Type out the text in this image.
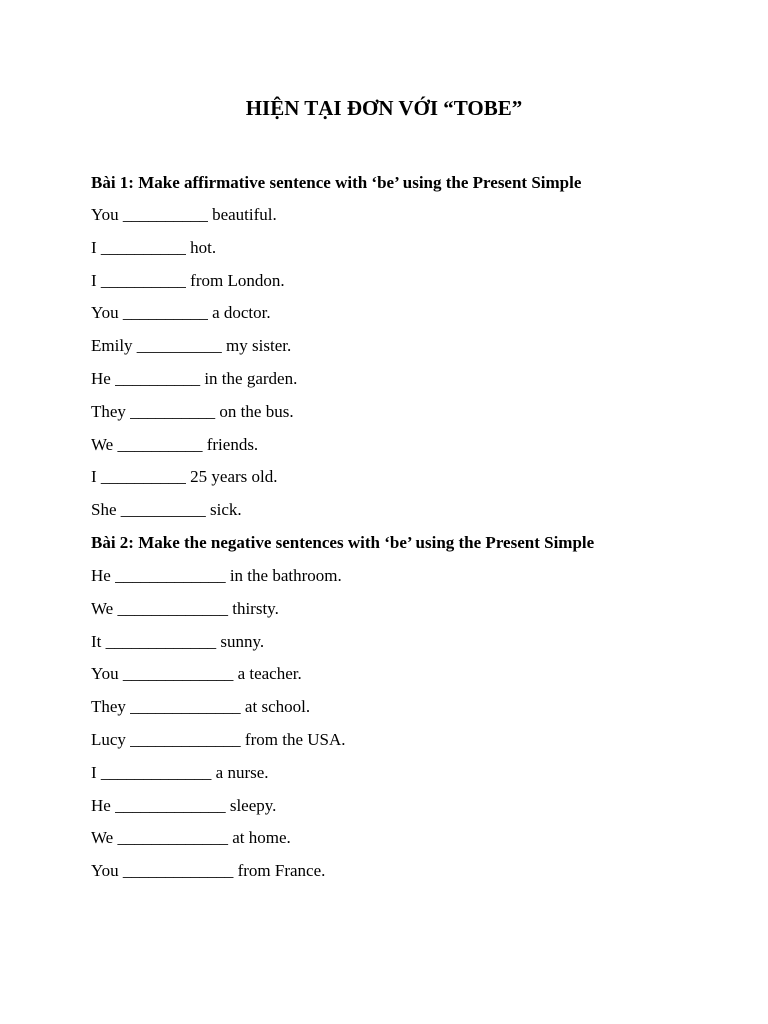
HIỆN TẠI ĐƠN VỚI “TOBE”

Bài 1: Make affirmative sentence with ‘be’ using the Present Simple

You __________ beautiful.
I __________ hot.
I __________ from London.
You __________ a doctor.
Emily __________ my sister.
He __________ in the garden.
They __________ on the bus.
We __________ friends.
I __________ 25 years old.
She __________ sick.

Bài 2: Make the negative sentences with ‘be’ using the Present Simple

He _____________ in the bathroom.
We _____________ thirsty.
It _____________ sunny.
You _____________ a teacher.
They _____________ at school.
Lucy _____________ from the USA.
I _____________ a nurse.
He _____________ sleepy.
We _____________ at home.
You _____________ from France.
